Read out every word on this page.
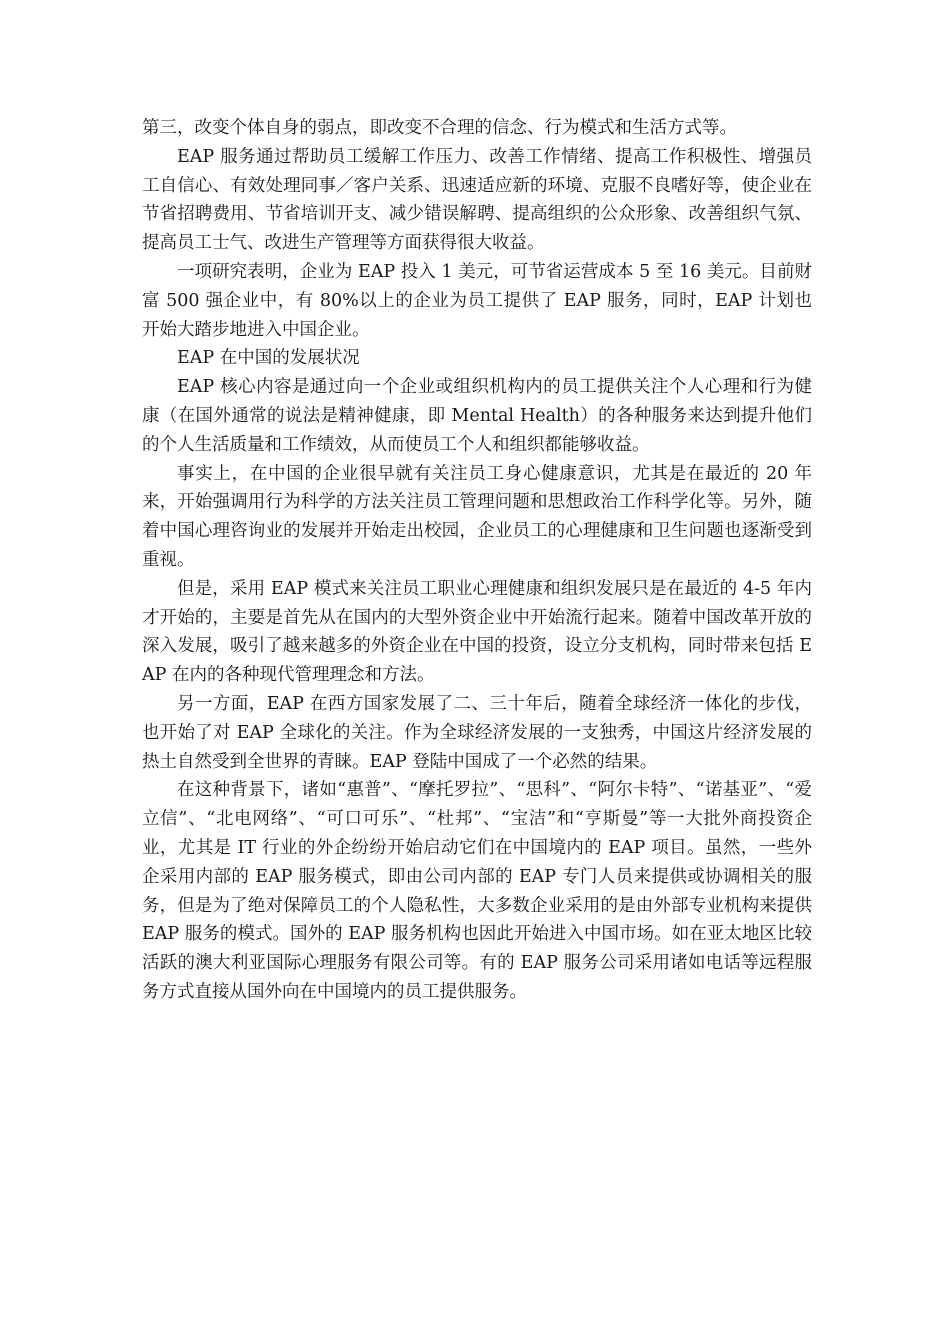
第三，改变个体自身的弱点，即改变不合理的信念、行为模式和生活方式等。

EAP 服务通过帮助员工缓解工作压力、改善工作情绪、提高工作积极性、增强员工自信心、有效处理同事／客户关系、迅速适应新的环境、克服不良嗜好等，使企业在节省招聘费用、节省培训开支、减少错误解聘、提高组织的公众形象、改善组织气氛、提高员工士气、改进生产管理等方面获得很大收益。

一项研究表明，企业为 EAP 投入 1 美元，可节省运营成本 5 至 16 美元。目前财富 500 强企业中，有 80%以上的企业为员工提供了 EAP 服务，同时，EAP 计划也开始大踏步地进入中国企业。

EAP 在中国的发展状况

EAP 核心内容是通过向一个企业或组织机构内的员工提供关注个人心理和行为健康（在国外通常的说法是精神健康，即 Mental Health）的各种服务来达到提升他们的个人生活质量和工作绩效，从而使员工个人和组织都能够收益。

事实上，在中国的企业很早就有关注员工身心健康意识，尤其是在最近的 20 年来，开始强调用行为科学的方法关注员工管理问题和思想政治工作科学化等。另外，随着中国心理咨询业的发展并开始走出校园，企业员工的心理健康和卫生问题也逐渐受到重视。

但是，采用 EAP 模式来关注员工职业心理健康和组织发展只是在最近的 4-5 年内才开始的，主要是首先从在国内的大型外资企业中开始流行起来。随着中国改革开放的深入发展，吸引了越来越多的外资企业在中国的投资，设立分支机构，同时带来包括 EAP 在内的各种现代管理理念和方法。

另一方面，EAP 在西方国家发展了二、三十年后，随着全球经济一体化的步伐，也开始了对 EAP 全球化的关注。作为全球经济发展的一支独秀，中国这片经济发展的热土自然受到全世界的青睐。EAP 登陆中国成了一个必然的结果。

在这种背景下，诸如“惠普”、“摩托罗拉”、“思科”、“阿尔卡特”、“诺基亚”、“爱立信”、“北电网络”、“可口可乐”、“杜邦”、“宝洁”和“亨斯曼”等一大批外商投资企业，尤其是 IT 行业的外企纷纷开始启动它们在中国境内的 EAP 项目。虽然，一些外企采用内部的 EAP 服务模式，即由公司内部的 EAP 专门人员来提供或协调相关的服务，但是为了绝对保障员工的个人隐私性，大多数企业采用的是由外部专业机构来提供 EAP 服务的模式。国外的 EAP 服务机构也因此开始进入中国市场。如在亚太地区比较活跃的澳大利亚国际心理服务有限公司等。有的 EAP 服务公司采用诸如电话等远程服务方式直接从国外向在中国境内的员工提供服务。
